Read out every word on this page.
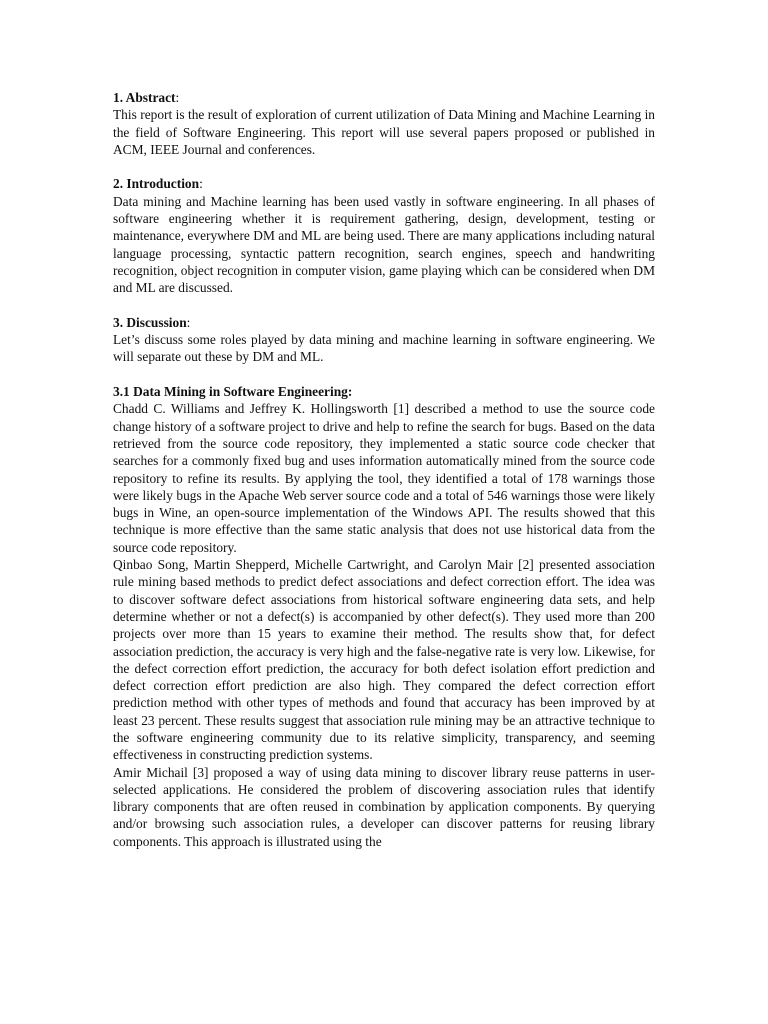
1. Abstract:

This report is the result of exploration of current utilization of Data Mining and Machine Learning in the field of Software Engineering. This report will use several papers proposed or published in ACM, IEEE Journal and conferences.

2. Introduction:

Data mining and Machine learning has been used vastly in software engineering. In all phases of software engineering whether it is requirement gathering, design, development, testing or maintenance, everywhere DM and ML are being used. There are many applications including natural language processing, syntactic pattern recognition, search engines, speech and handwriting recognition, object recognition in computer vision, game playing which can be considered when DM and ML are discussed.

3. Discussion:

Let’s discuss some roles played by data mining and machine learning in software engineering. We will separate out these by DM and ML.

3.1 Data Mining in Software Engineering:

Chadd C. Williams and Jeffrey K. Hollingsworth [1] described a method to use the source code change history of a software project to drive and help to refine the search for bugs. Based on the data retrieved from the source code repository, they implemented a static source code checker that searches for a commonly fixed bug and uses information automatically mined from the source code repository to refine its results. By applying the tool, they identified a total of 178 warnings those were likely bugs in the Apache Web server source code and a total of 546 warnings those were likely bugs in Wine, an open-source implementation of the Windows API. The results showed that this technique is more effective than the same static analysis that does not use historical data from the source code repository.

Qinbao Song, Martin Shepperd, Michelle Cartwright, and Carolyn Mair [2] presented association rule mining based methods to predict defect associations and defect correction effort. The idea was to discover software defect associations from historical software engineering data sets, and help determine whether or not a defect(s) is accompanied by other defect(s). They used more than 200 projects over more than 15 years to examine their method. The results show that, for defect association prediction, the accuracy is very high and the false-negative rate is very low. Likewise, for the defect correction effort prediction, the accuracy for both defect isolation effort prediction and defect correction effort prediction are also high. They compared the defect correction effort prediction method with other types of methods and found that accuracy has been improved by at least 23 percent. These results suggest that association rule mining may be an attractive technique to the software engineering community due to its relative simplicity, transparency, and seeming effectiveness in constructing prediction systems.

Amir Michail [3] proposed a way of using data mining to discover library reuse patterns in user-selected applications. He considered the problem of discovering association rules that identify library components that are often reused in combination by application components. By querying and/or browsing such association rules, a developer can discover patterns for reusing library components. This approach is illustrated using the
